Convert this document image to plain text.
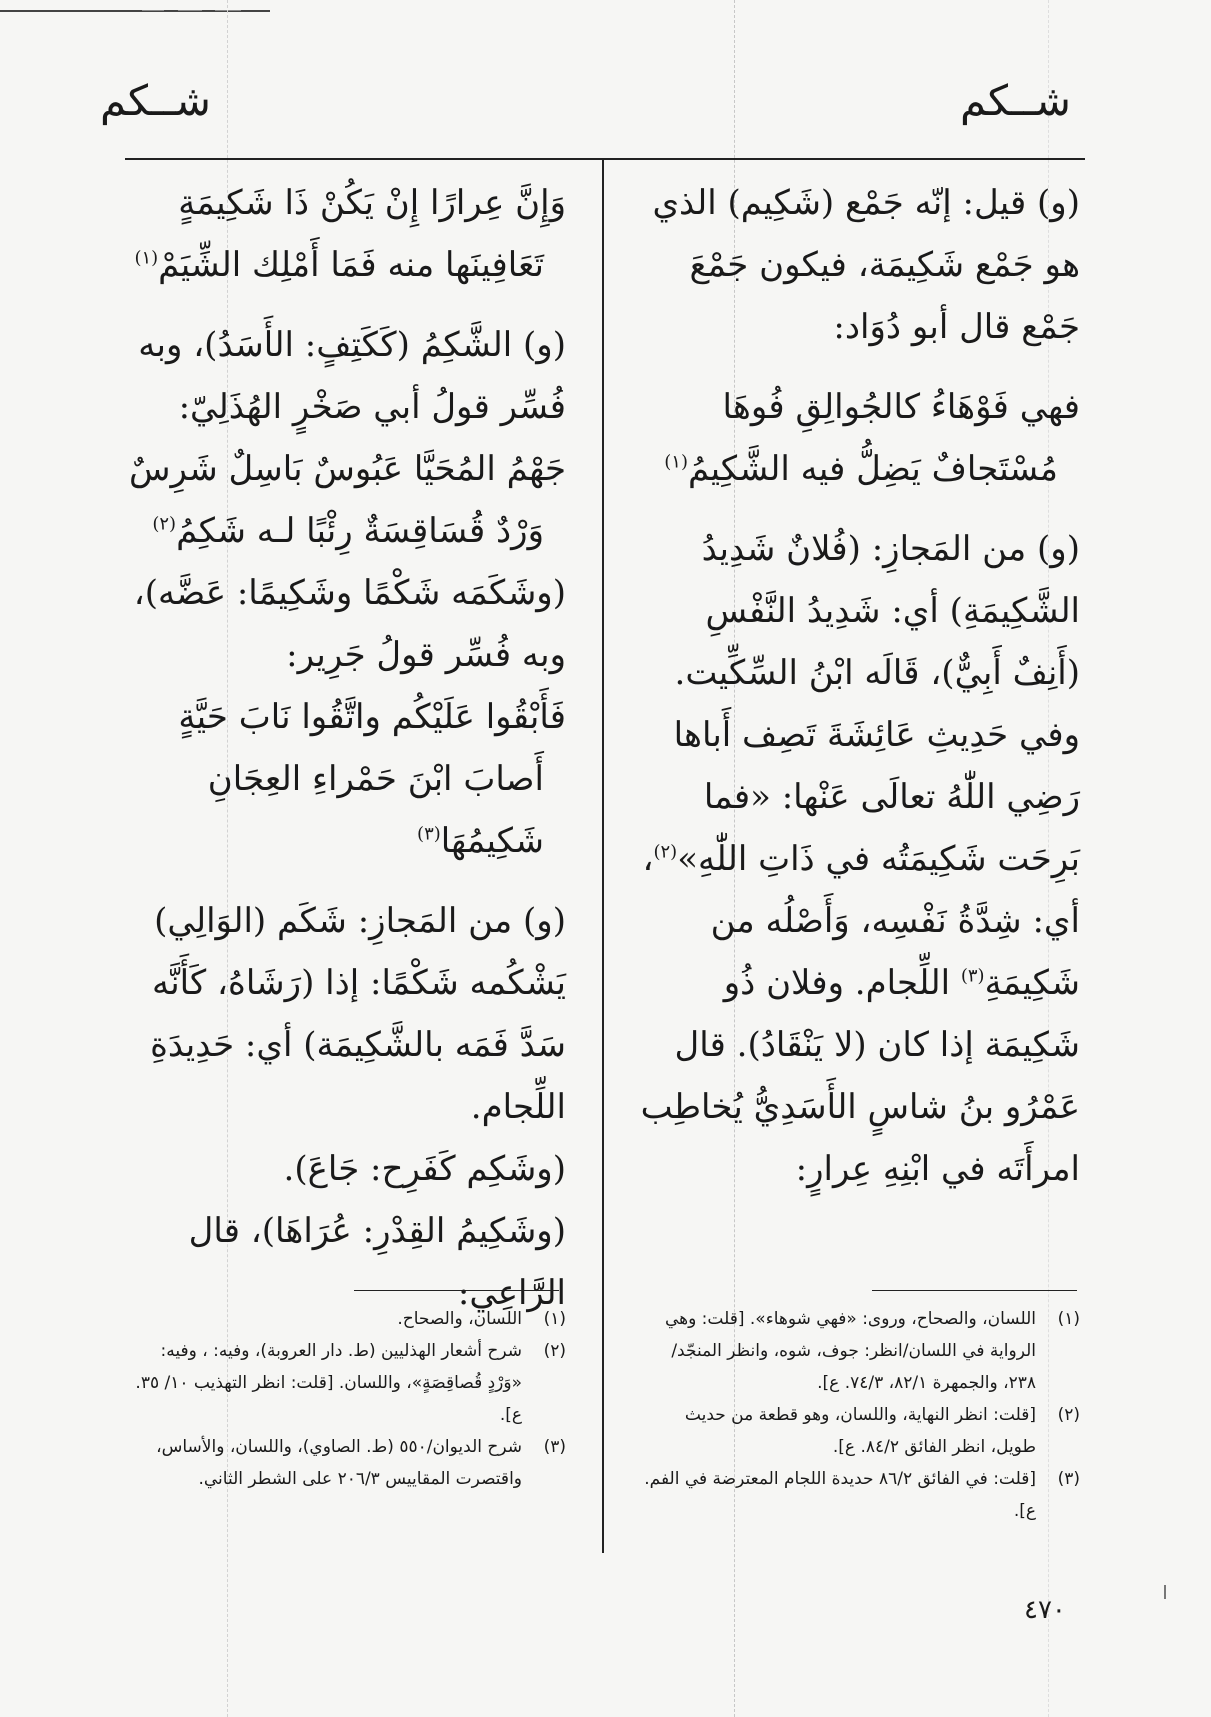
شــكم
شــكم

(و) قيل: إنّه جَمْع (شَكِيم) الذي هو جَمْع شَكِيمَة، فيكون جَمْعَ جَمْع قال أبو دُوَاد:

فهي فَوْهَاءُ كالجُوالِقِ فُوهَا
مُسْتَجافٌ يَضِلُّ فيه الشَّكِيمُ$^{(١)}$

(و) من المَجازِ: (فُلانٌ شَدِيدُ الشَّكِيمَةِ) أي: شَدِيدُ النَّفْسِ (أَنِفٌ أَبِيٌّ)، قَالَه ابْنُ السِّكِّيت. وفي حَدِيثِ عَائِشَةَ تَصِف أَباها رَضِي اللّٰهُ تعالَى عَنْها: «فما بَرِحَت شَكِيمَتُه في ذَاتِ اللّٰهِ»$^{(٢)}$، أي: شِدَّةُ نَفْسِه، وَأَصْلُه من شَكِيمَةِ$^{(٣)}$ اللِّجام. وفلان ذُو شَكِيمَة إذا كان (لا يَنْقَادُ). قال عَمْرُو بنُ شاسٍ الأَسَدِيُّ يُخاطِب امرأَتَه في ابْنِهِ عِرارٍ:

وَإِنَّ عِرارًا إِنْ يَكُنْ ذَا شَكِيمَةٍ
تَعَافِينَها منه فَمَا أَمْلِك الشِّيَمْ$^{(١)}$

(و) الشَّكِمُ (كَكَتِفٍ: الأَسَدُ)، وبه فُسِّر قولُ أبي صَخْرٍ الهُذَلِيّ:

جَهْمُ المُحَيَّا عَبُوسٌ بَاسِلٌ شَرِسٌ
وَرْدٌ قُسَاقِسَةٌ رِئْبًا لـه شَكِمُ$^{(٢)}$

(وشَكَمَه شَكْمًا وشَكِيمًا: عَضَّه)، وبه فُسِّر قولُ جَرِير:

فَأَبْقُوا عَلَيْكُم واتَّقُوا نَابَ حَيَّةٍ
أَصابَ ابْنَ حَمْراءِ العِجَانِ شَكِيمُهَا$^{(٣)}$

(و) من المَجازِ: شَكَم (الوَالِي) يَشْكُمه شَكْمًا: إذا (رَشَاهُ، كَأَنَّه سَدَّ فَمَه بالشَّكِيمَة) أي: حَدِيدَةِ اللِّجام.

(وشَكِم كَفَرِح: جَاعَ).

(وشَكِيمُ القِدْرِ: عُرَاهَا)، قال الرَّاعِي:

(١)اللسان، والصحاح، وروى: «فهي شوهاء». [قلت: وهي الرواية في اللسان/انظر: جوف، شوه، وانظر المنجّد/٢٣٨، والجمهرة ٨٢/١، ٧٤/٣. ع].

(٢)[قلت: انظر النهاية، واللسان، وهو قطعة من حديث طويل، انظر الفائق ٨٤/٢. ع].

(٣)[قلت: في الفائق ٨٦/٢ حديدة اللجام المعترضة في الفم. ع].

(١)اللسان، والصحاح.

(٢)شرح أشعار الهذليين (ط. دار العروبة)، وفيه: ، وفيه: «وَرْدٍ قُصاقِصَةٍ»، واللسان. [قلت: انظر التهذيب ١٠/ ٣٥. ع].

(٣)شرح الديوان/٥٥٠ (ط. الصاوي)، واللسان، والأساس، واقتصرت المقاييس ٢٠٦/٣ على الشطر الثاني.

٤٧٠
